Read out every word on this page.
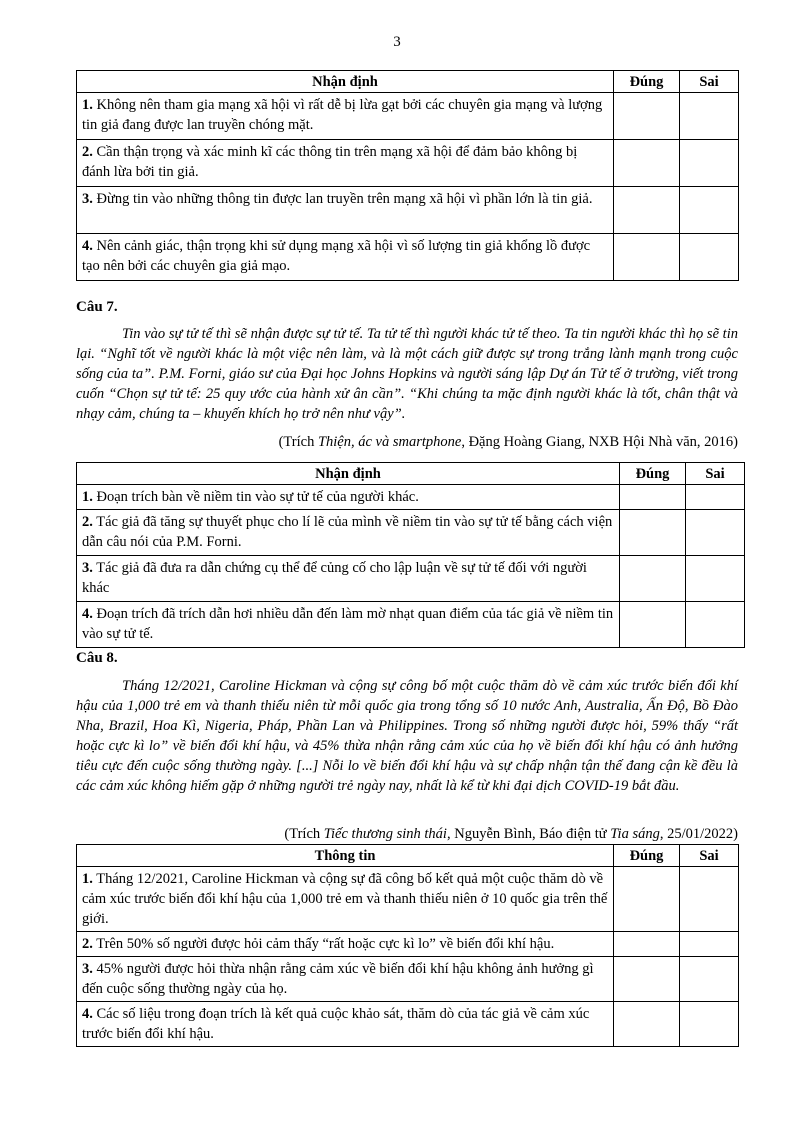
3
Nhận định	Đúng	Sai
1. Không nên tham gia mạng xã hội vì rất dễ bị lừa gạt bởi các chuyên gia mạng và lượng tin giả đang được lan truyền chóng mặt.		
2. Cần thận trọng và xác minh kĩ các thông tin trên mạng xã hội để đảm bảo không bị đánh lừa bởi tin giả.		
3. Đừng tin vào những thông tin được lan truyền trên mạng xã hội vì phần lớn là tin giả.		
4. Nên cảnh giác, thận trọng khi sử dụng mạng xã hội vì số lượng tin giả khổng lồ được tạo nên bởi các chuyên gia giả mạo.		
Câu 7.

Tin vào sự tử tế thì sẽ nhận được sự tử tế. Ta tử tế thì người khác tử tế theo. Ta tin người khác thì họ sẽ tin lại. “Nghĩ tốt về người khác là một việc nên làm, và là một cách giữ được sự trong trắng lành mạnh trong cuộc sống của ta”. P.M. Forni, giáo sư của Đại học Johns Hopkins và người sáng lập Dự án Tử tế ở trường, viết trong cuốn “Chọn sự tử tế: 25 quy ước của hành xử ân cần”. “Khi chúng ta mặc định người khác là tốt, chân thật và nhạy cảm, chúng ta – khuyến khích họ trở nên như vậy”.

(Trích Thiện, ác và smartphone, Đặng Hoàng Giang, NXB Hội Nhà văn, 2016)
Nhận định	Đúng	Sai
1. Đoạn trích bàn về niềm tin vào sự tử tế của người khác.		
2. Tác giả đã tăng sự thuyết phục cho lí lẽ của mình về niềm tin vào sự tử tế bằng cách viện dẫn câu nói của P.M. Forni.		
3. Tác giả đã đưa ra dẫn chứng cụ thể để củng cố cho lập luận về sự tử tế đối với người khác		
4. Đoạn trích đã trích dẫn hơi nhiều dẫn đến làm mờ nhạt quan điểm của tác giả về niềm tin vào sự tử tế.		
Câu 8.

Tháng 12/2021, Caroline Hickman và cộng sự công bố một cuộc thăm dò về cảm xúc trước biến đổi khí hậu của 1,000 trẻ em và thanh thiếu niên từ mỗi quốc gia trong tổng số 10 nước Anh, Australia, Ấn Độ, Bồ Đào Nha, Brazil, Hoa Kì, Nigeria, Pháp, Phần Lan và Philippines. Trong số những người được hỏi, 59% thấy “rất hoặc cực kì lo” về biến đổi khí hậu, và 45% thừa nhận rằng cảm xúc của họ về biến đổi khí hậu có ảnh hưởng tiêu cực đến cuộc sống thường ngày. [...] Nỗi lo về biến đổi khí hậu và sự chấp nhận tận thế đang cận kề đều là các cảm xúc không hiếm gặp ở những người trẻ ngày nay, nhất là kể từ khi đại dịch COVID-19 bắt đầu.

(Trích Tiếc thương sinh thái, Nguyễn Bình, Báo điện tử Tia sáng, 25/01/2022)
Thông tin	Đúng	Sai
1. Tháng 12/2021, Caroline Hickman và cộng sự đã công bố kết quả một cuộc thăm dò về cảm xúc trước biến đổi khí hậu của 1,000 trẻ em và thanh thiếu niên ở 10 quốc gia trên thế giới.		
2. Trên 50% số người được hỏi cảm thấy “rất hoặc cực kì lo” về biến đổi khí hậu.		
3. 45% người được hỏi thừa nhận rằng cảm xúc về biến đổi khí hậu không ảnh hưởng gì đến cuộc sống thường ngày của họ.		
4. Các số liệu trong đoạn trích là kết quả cuộc khảo sát, thăm dò của tác giả về cảm xúc trước biến đổi khí hậu.		
